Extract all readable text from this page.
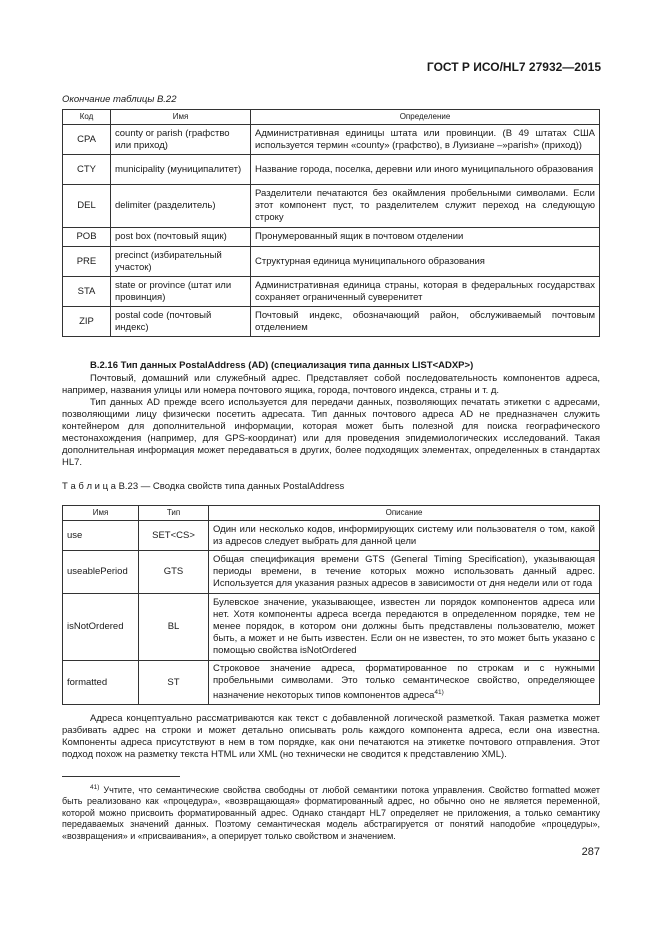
ГОСТ Р ИСО/HL7 27932—2015
Окончание таблицы В.22
Код	Имя	Определение
CPA	county or parish (графство или приход)	Административная единицы штата или провинции. (В 49 штатах США используется термин «county» (графство), в Луизиане –»parish» (приход))
CTY	municipality (муниципалитет)	Название города, поселка, деревни или иного муниципального образования
DEL	delimiter (разделитель)	Разделители печатаются без окаймления пробельными символами. Если этот компонент пуст, то разделителем служит переход на следующую строку
POB	post box (почтовый ящик)	Пронумерованный ящик в почтовом отделении
PRE	precinct (избирательный участок)	Структурная единица муниципального образования
STA	state or province (штат или провинция)	Административная единица страны, которая в федеральных государствах сохраняет ограниченный суверенитет
ZIP	postal code (почтовый индекс)	Почтовый индекс, обозначающий район, обслуживаемый почтовым отделением

В.2.16 Тип данных PostalAddress (AD) (специализация типа данных LIST<ADXP>)

Почтовый, домашний или служебный адрес. Представляет собой последовательность компонентов адреса, например, названия улицы или номера почтового ящика, города, почтового индекса, страны и т. д.

Тип данных AD прежде всего используется для передачи данных, позволяющих печатать этикетки с адресами, позволяющими лицу физически посетить адресата. Тип данных почтового адреса AD не предназначен служить контейнером для дополнительной информации, которая может быть полезной для поиска географического местонахождения (например, для GPS-координат) или для проведения эпидемиологических исследований. Такая дополнительная информация может передаваться в других, более подходящих элементах, определенных в стандартах HL7.

Т а б л и ц а В.23 — Сводка свойств типа данных PostalAddress
Имя	Тип	Описание
use	SET<CS>	Один или несколько кодов, информирующих систему или пользователя о том, какой из адресов следует выбрать для данной цели
useablePeriod	GTS	Общая спецификация времени GTS (General Timing Specification), указывающая периоды времени, в течение которых можно использовать данный адрес. Используется для указания разных адресов в зависимости от дня недели или от года
isNotOrdered	BL	Булевское значение, указывающее, известен ли порядок компонентов адреса или нет. Хотя компоненты адреса всегда передаются в определенном порядке, тем не менее порядок, в котором они должны быть представлены пользователю, может быть, а может и не быть известен. Если он не известен, то это может быть указано с помощью свойства isNotOrdered
formatted	ST	Строковое значение адреса, форматированное по строкам и с нужными пробельными символами. Это только семантическое свойство, определяющее назначение некоторых типов компонентов адреса$^{41)}$

Адреса концептуально рассматриваются как текст с добавленной логической разметкой. Такая разметка может разбивать адрес на строки и может детально описывать роль каждого компонента адреса, если она известна. Компоненты адреса присутствуют в нем в том порядке, как они печатаются на этикетке почтового отправления. Этот подход похож на разметку текста HTML или XML (но технически не сводится к представлению XML).

$^{41)}$ Учтите, что семантические свойства свободны от любой семантики потока управления. Свойство formatted может быть реализовано как «процедура», «возвращающая» форматированный адрес, но обычно оно не является переменной, которой можно присвоить форматированный адрес. Однако стандарт HL7 определяет не приложения, а только семантику передаваемых значений данных. Поэтому семантическая модель абстрагируется от понятий наподобие «процедуры», «возвращения» и «присваивания», а оперирует только свойством и значением.

287
